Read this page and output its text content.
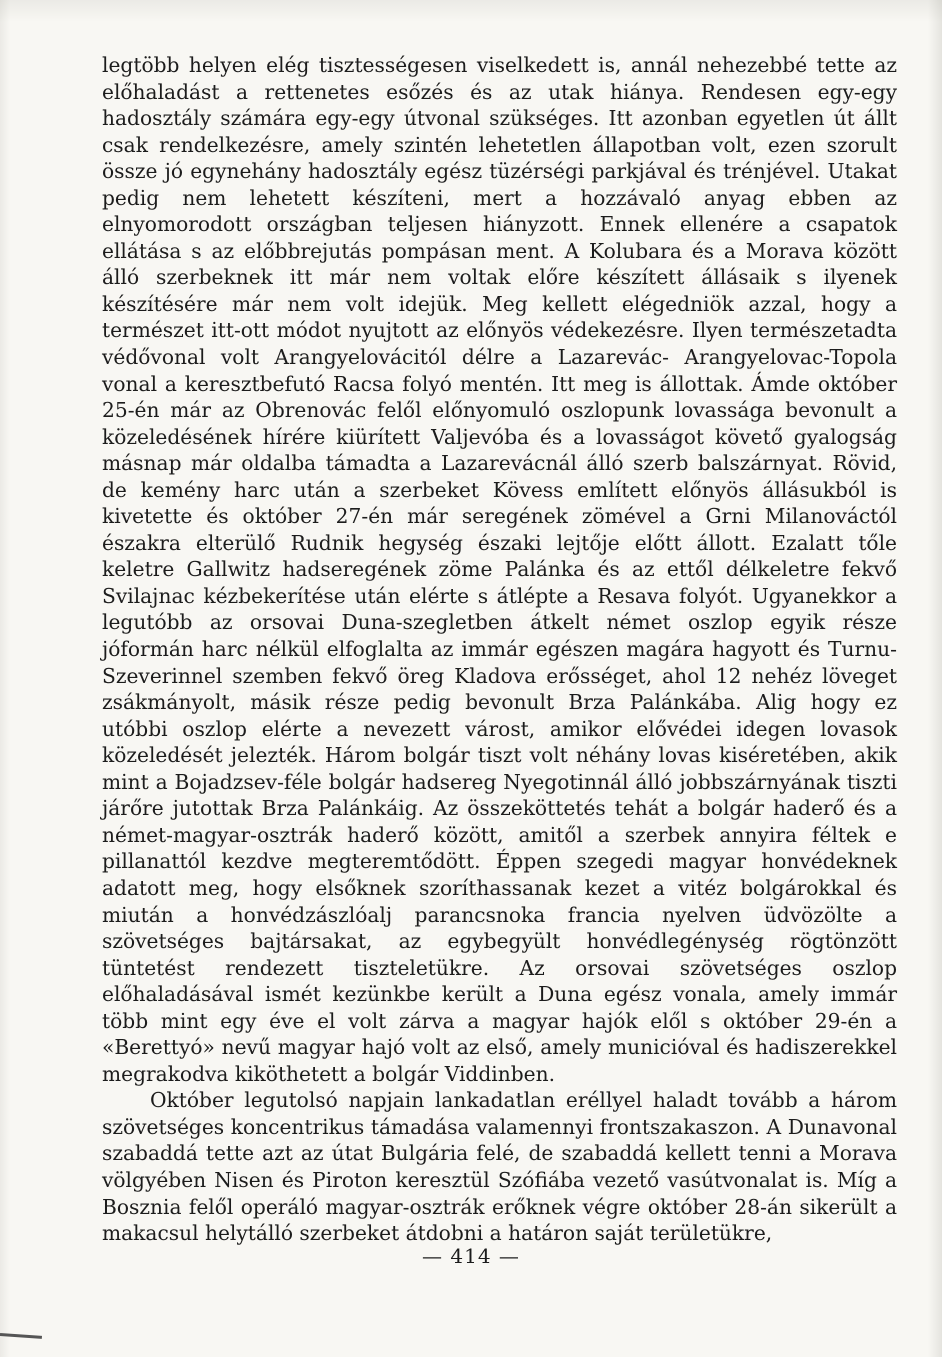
legtöbb helyen elég tisztességesen viselkedett is, annál nehezebbé tette az előhaladást a rettenetes esőzés és az utak hiánya. Rendesen egy-egy hadosztály számára egy-egy útvonal szükséges. Itt azonban egyetlen út állt csak rendelkezésre, amely szintén lehetetlen állapotban volt, ezen szorult össze jó egynehány hadosztály egész tüzérségi parkjával és trénjével. Utakat pedig nem lehetett készíteni, mert a hozzávaló anyag ebben az elnyomorodott országban teljesen hiányzott. Ennek ellenére a csapatok ellátása s az előbbrejutás pompásan ment. A Kolubara és a Morava között álló szerbeknek itt már nem voltak előre készített állásaik s ilyenek készítésére már nem volt idejük. Meg kellett elégedniök azzal, hogy a természet itt-ott módot nyujtott az előnyös védekezésre. Ilyen természetadta védővonal volt Arangyelovácitól délre a Lazarevác- Arangyelovac-Topola vonal a keresztbefutó Racsa folyó mentén. Itt meg is állottak. Ámde október 25-én már az Obrenovác felől előnyomuló oszlopunk lovassága bevonult a közeledésének hírére kiürített Valjevóba és a lovasságot követő gyalogság másnap már oldalba támadta a Lazarevácnál álló szerb balszárnyat. Rövid, de kemény harc után a szerbeket Kövess említett előnyös állásukból is kivetette és október 27-én már seregének zömével a Grni Milanováctól északra elterülő Rudnik hegység északi lejtője előtt állott. Ezalatt tőle keletre Gallwitz hadseregének zöme Palánka és az ettől délkeletre fekvő Svilajnac kézbekerítése után elérte s átlépte a Resava folyót. Ugyanekkor a legutóbb az orsovai Duna-szegletben átkelt német oszlop egyik része jóformán harc nélkül elfoglalta az immár egészen magára hagyott és Turnu-Szeverinnel szemben fekvő öreg Kladova erősséget, ahol 12 nehéz löveget zsákmányolt, másik része pedig bevonult Brza Palánkába. Alig hogy ez utóbbi oszlop elérte a nevezett várost, amikor elővédei idegen lovasok közeledését jelezték. Három bolgár tiszt volt néhány lovas kiséretében, akik mint a Bojadzsev-féle bolgár hadsereg Nyegotinnál álló jobbszárnyának tiszti járőre jutottak Brza Palánkáig. Az összeköttetés tehát a bolgár haderő és a német-magyar-osztrák haderő között, amitől a szerbek annyira féltek e pillanattól kezdve megteremtődött. Éppen szegedi magyar honvédeknek adatott meg, hogy elsőknek szoríthassanak kezet a vitéz bolgárokkal és miután a honvédzászlóalj parancsnoka francia nyelven üdvözölte a szövetséges bajtársakat, az egybegyült honvédlegénység rögtönzött tüntetést rendezett tiszteletükre. Az orsovai szövetséges oszlop előhaladásával ismét kezünkbe került a Duna egész vonala, amely immár több mint egy éve el volt zárva a magyar hajók elől s október 29-én a «Berettyó» nevű magyar hajó volt az első, amely municióval és hadiszerekkel megrakodva kiköthetett a bolgár Viddinben.

Október legutolsó napjain lankadatlan eréllyel haladt tovább a három szövetséges koncentrikus támadása valamennyi frontszakaszon. A Dunavonal szabaddá tette azt az útat Bulgária felé, de szabaddá kellett tenni a Morava völgyében Nisen és Piroton keresztül Szófiába vezető vasútvonalat is. Míg a Bosznia felől operáló magyar-osztrák erőknek végre október 28-án sikerült a makacsul helytálló szerbeket átdobni a határon saját területükre,

— 414 —
